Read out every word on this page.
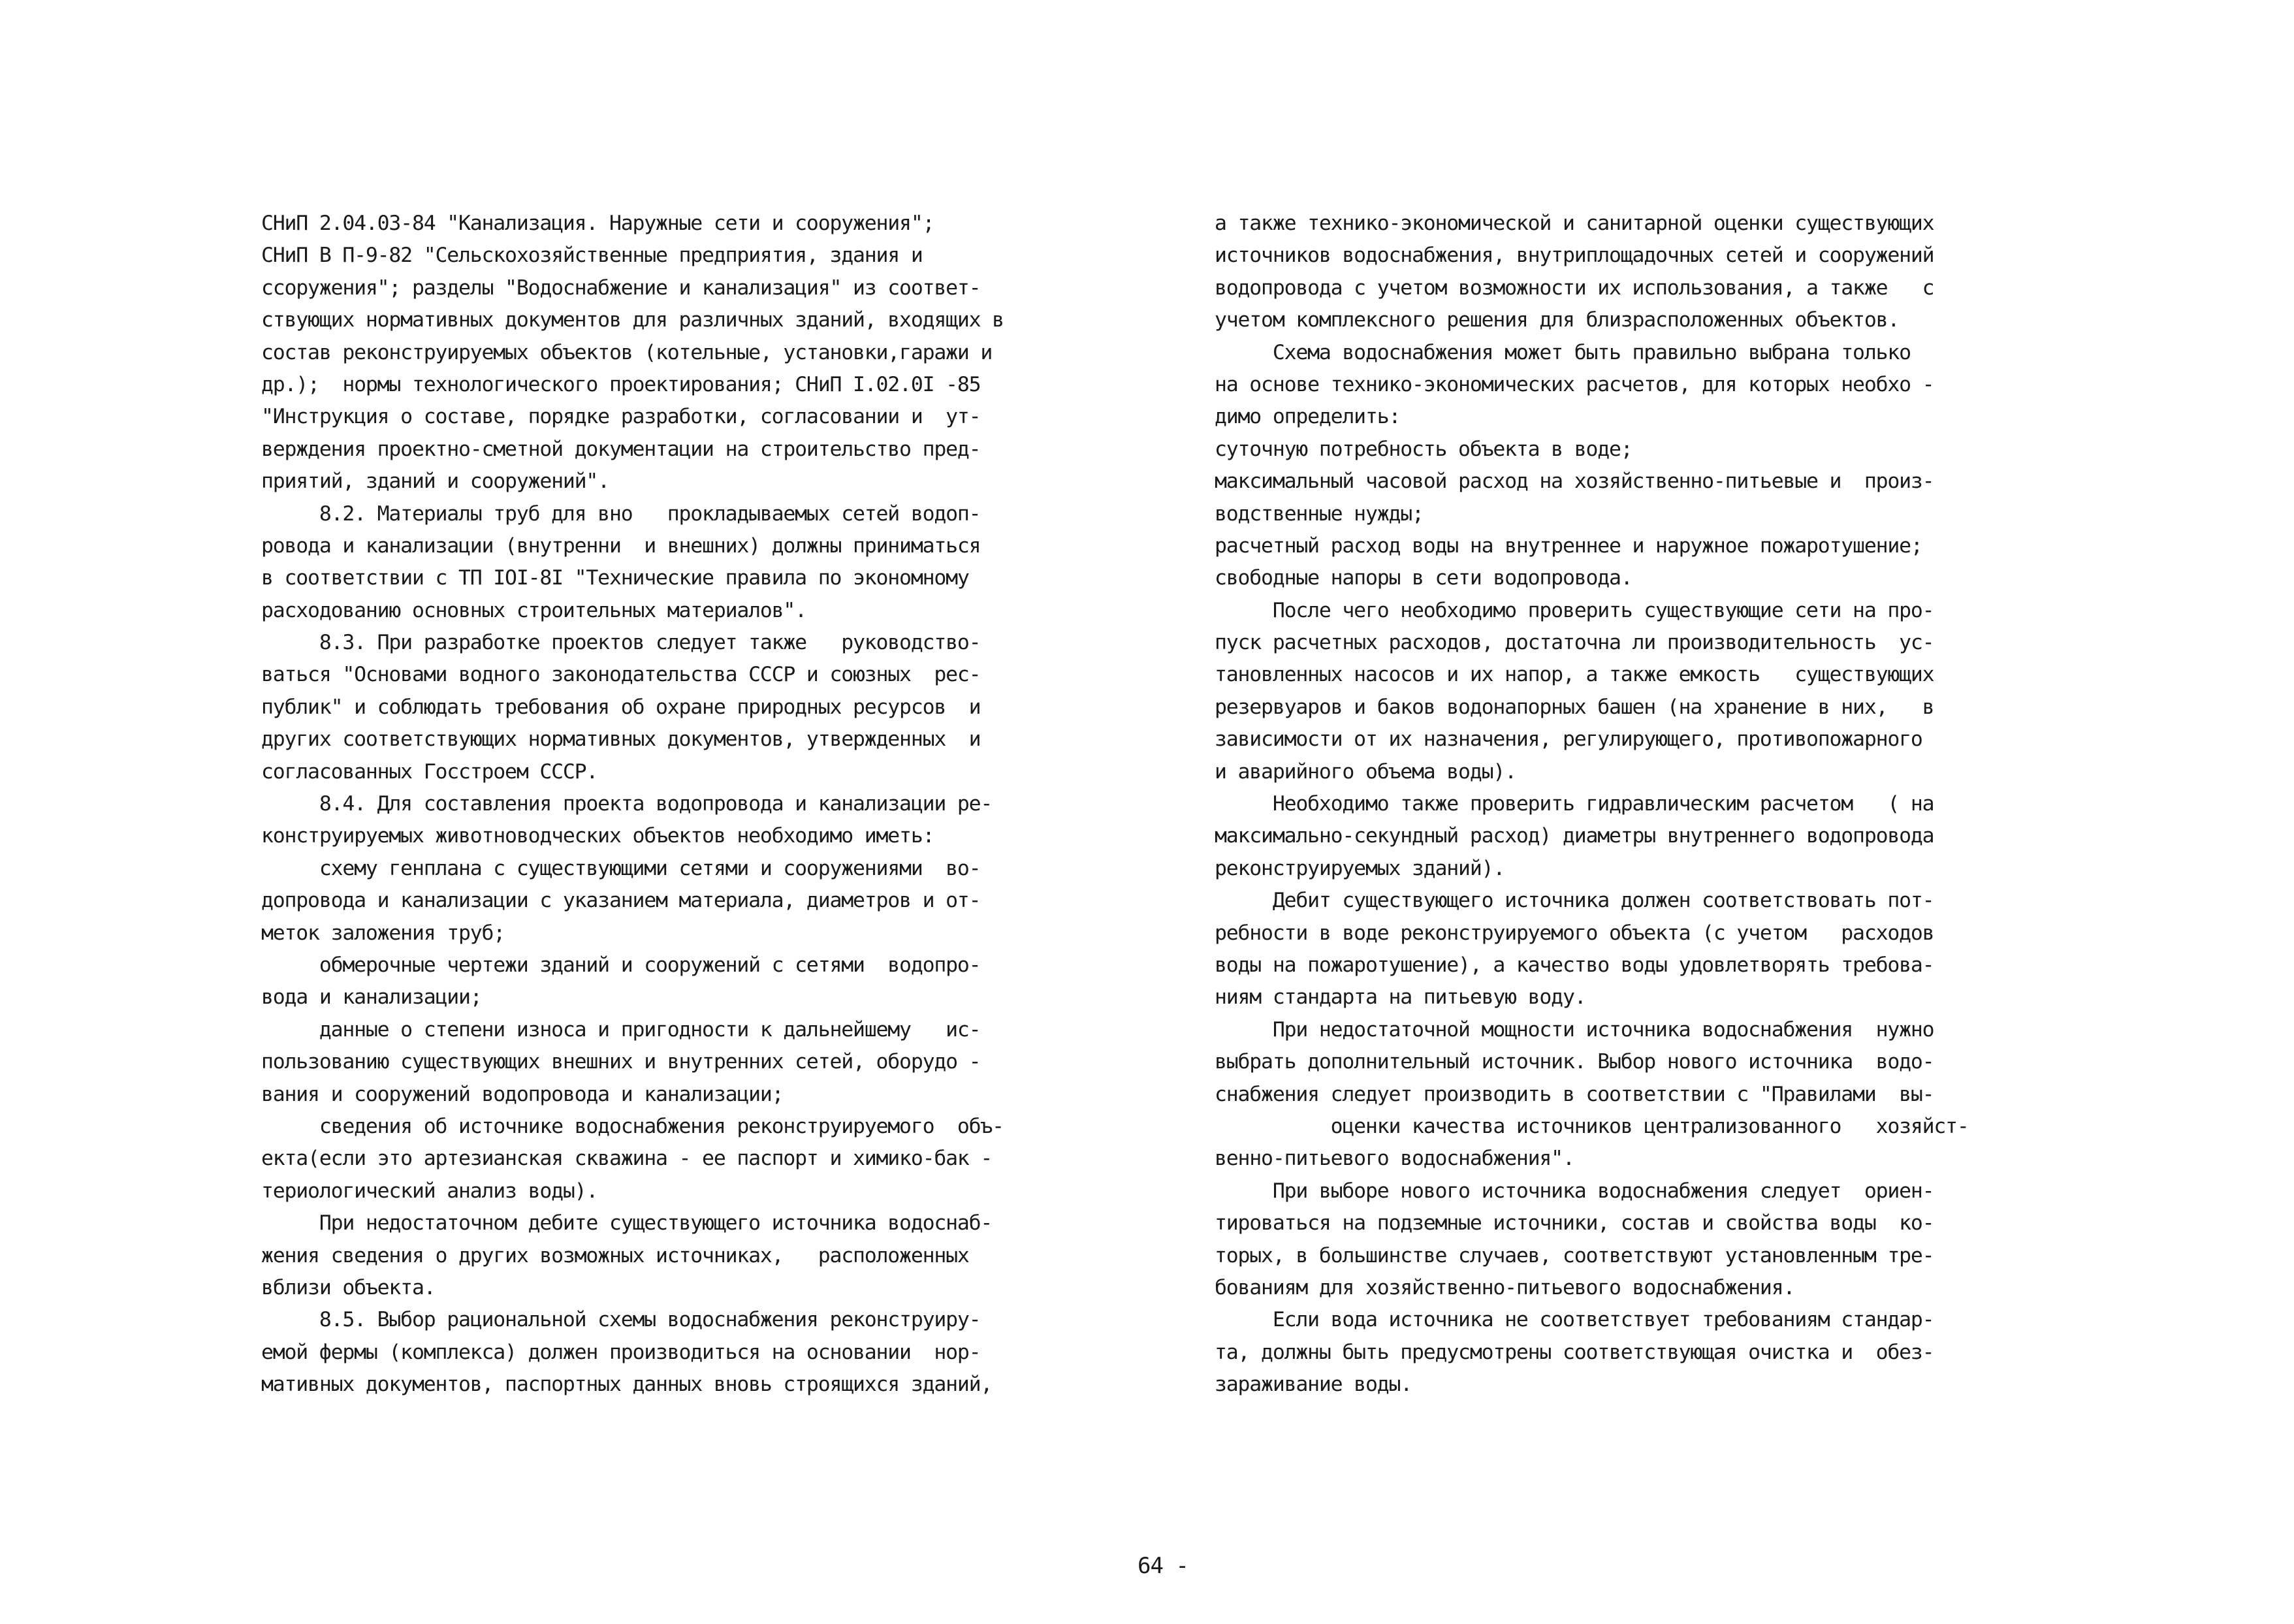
СНиП 2.04.03-84 "Канализация. Наружные сети и сооружения";
СНиП В П-9-82 "Сельскохозяйственные предприятия, здания и
ссоружения"; разделы "Водоснабжение и канализация" из соответ-
ствующих нормативных документов для различных зданий, входящих в
состав реконструируемых объектов (котельные, установки,гаражи и
др.);  нормы технологического проектирования; СНиП I.02.0I -85
"Инструкция о составе, порядке разработки, согласовании и  ут-
верждения проектно-сметной документации на строительство пред-
приятий, зданий и сооружений".
8.2. Материалы труб для вно   прокладываемых сетей водоп-
ровода и канализации (внутренни  и внешних) должны приниматься
в соответствии с ТП IOI-8I "Технические правила по экономному
расходованию основных строительных материалов".
8.3. При разработке проектов следует также   руководство-
ваться "Основами водного законодательства СССР и союзных  рес-
публик" и соблюдать требования об охране природных ресурсов  и
других соответствующих нормативных документов, утвержденных  и
согласованных Госстроем СССР.
8.4. Для составления проекта водопровода и канализации ре-
конструируемых животноводческих объектов необходимо иметь:
схему генплана с существующими сетями и сооружениями  во-
допровода и канализации с указанием материала, диаметров и от-
меток заложения труб;
обмерочные чертежи зданий и сооружений с сетями  водопро-
вода и канализации;
данные о степени износа и пригодности к дальнейшему   ис-
пользованию существующих внешних и внутренних сетей, оборудо -
вания и сооружений водопровода и канализации;
сведения об источнике водоснабжения реконструируемого  объ-
екта(если это артезианская скважина - ее паспорт и химико-бак -
териологический анализ воды).
При недостаточном дебите существующего источника водоснаб-
жения сведения о других возможных источниках,   расположенных
вблизи объекта.
8.5. Выбор рациональной схемы водоснабжения реконструиру-
емой фермы (комплекса) должен производиться на основании  нор-
мативных документов, паспортных данных вновь строящихся зданий,
а также технико-экономической и санитарной оценки существующих
источников водоснабжения, внутриплощадочных сетей и сооружений
водопровода с учетом возможности их использования, а также   с
учетом комплексного решения для близрасположенных объектов.
Схема водоснабжения может быть правильно выбрана только
на основе технико-экономических расчетов, для которых необхо -
димо определить:
суточную потребность объекта в воде;
максимальный часовой расход на хозяйственно-питьевые и  произ-
водственные нужды;
расчетный расход воды на внутреннее и наружное пожаротушение;
свободные напоры в сети водопровода.
После чего необходимо проверить существующие сети на про-
пуск расчетных расходов, достаточна ли производительность  ус-
тановленных насосов и их напор, а также емкость   существующих
резервуаров и баков водонапорных башен (на хранение в них,   в
зависимости от их назначения, регулирующего, противопожарного
и аварийного объема воды).
Необходимо также проверить гидравлическим расчетом   ( на
максимально-секундный расход) диаметры внутреннего водопровода
реконструируемых зданий).
Дебит существующего источника должен соответствовать пот-
ребности в воде реконструируемого объекта (с учетом   расходов
воды на пожаротушение), а качество воды удовлетворять требова-
ниям стандарта на питьевую воду.
При недостаточной мощности источника водоснабжения  нужно
выбрать дополнительный источник. Выбор нового источника  водо-
снабжения следует производить в соответствии с "Правилами  вы-
оценки качества источников централизованного   хозяйст-
венно-питьевого водоснабжения".
При выборе нового источника водоснабжения следует  ориен-
тироваться на подземные источники, состав и свойства воды  ко-
торых, в большинстве случаев, соответствуют установленным тре-
бованиям для хозяйственно-питьевого водоснабжения.
Если вода источника не соответствует требованиям стандар-
та, должны быть предусмотрены соответствующая очистка и  обез-
зараживание воды.
64 -
